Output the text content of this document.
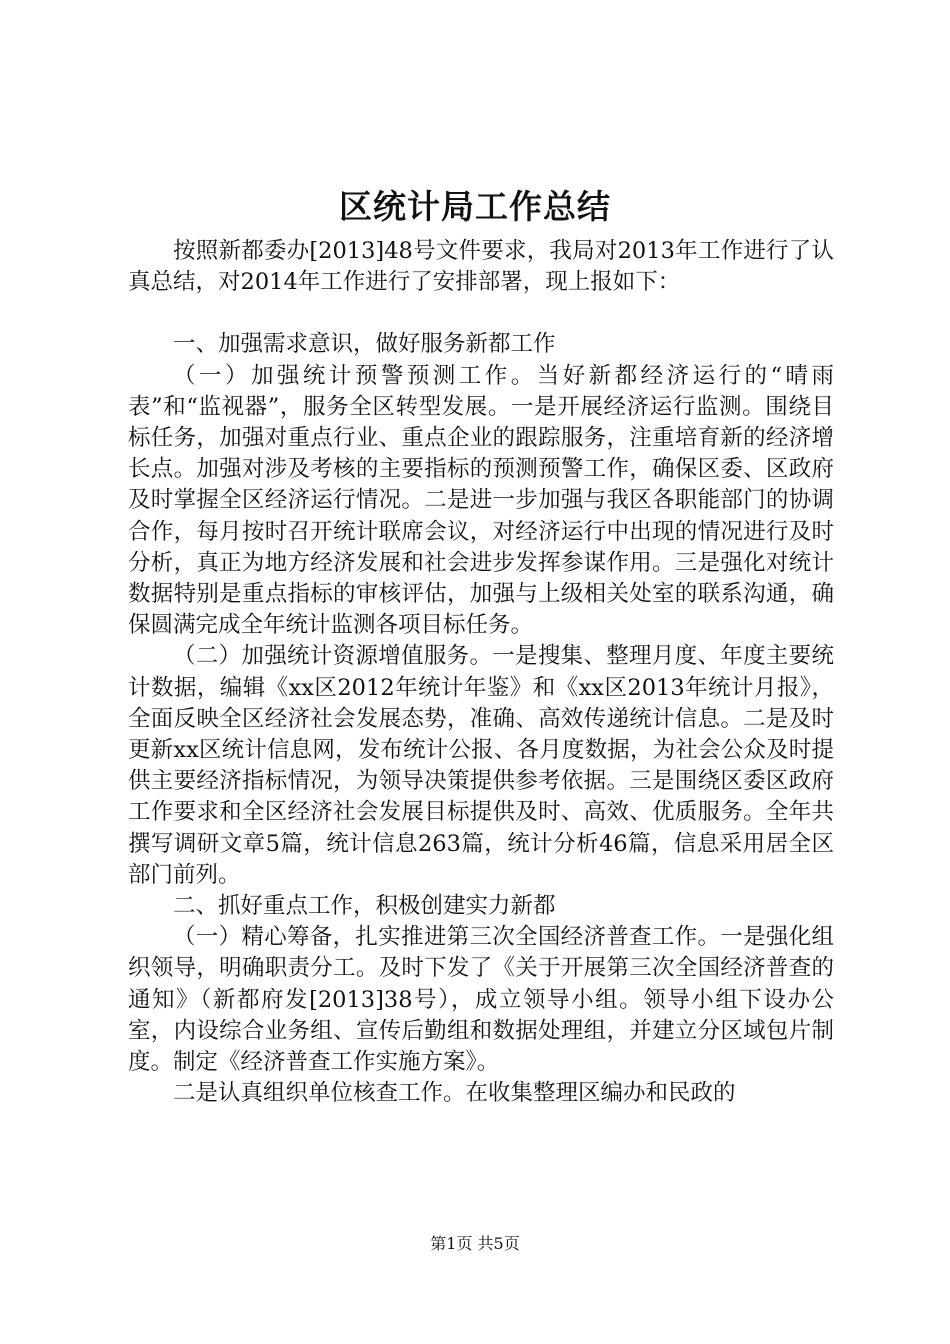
区统计局工作总结

按照新都委办[2013]48号文件要求，我局对2013年工作进行了认真总结，对2014年工作进行了安排部署，现上报如下：

一、加强需求意识，做好服务新都工作

（一）加强统计预警预测工作。当好新都经济运行的“晴雨表”和“监视器”，服务全区转型发展。一是开展经济运行监测。围绕目标任务，加强对重点行业、重点企业的跟踪服务，注重培育新的经济增长点。加强对涉及考核的主要指标的预测预警工作，确保区委、区政府及时掌握全区经济运行情况。二是进一步加强与我区各职能部门的协调合作，每月按时召开统计联席会议，对经济运行中出现的情况进行及时分析，真正为地方经济发展和社会进步发挥参谋作用。三是强化对统计数据特别是重点指标的审核评估，加强与上级相关处室的联系沟通，确保圆满完成全年统计监测各项目标任务。

（二）加强统计资源增值服务。一是搜集、整理月度、年度主要统计数据，编辑《xx区2012年统计年鉴》和《xx区2013年统计月报》，全面反映全区经济社会发展态势，准确、高效传递统计信息。二是及时更新xx区统计信息网，发布统计公报、各月度数据，为社会公众及时提供主要经济指标情况，为领导决策提供参考依据。三是围绕区委区政府工作要求和全区经济社会发展目标提供及时、高效、优质服务。全年共撰写调研文章5篇，统计信息263篇，统计分析46篇，信息采用居全区部门前列。

二、抓好重点工作，积极创建实力新都

（一）精心筹备，扎实推进第三次全国经济普查工作。一是强化组织领导，明确职责分工。及时下发了《关于开展第三次全国经济普查的通知》（新都府发[2013]38号），成立领导小组。领导小组下设办公室，内设综合业务组、宣传后勤组和数据处理组，并建立分区域包片制度。制定《经济普查工作实施方案》。

二是认真组织单位核查工作。在收集整理区编办和民政的

第1页 共5页
